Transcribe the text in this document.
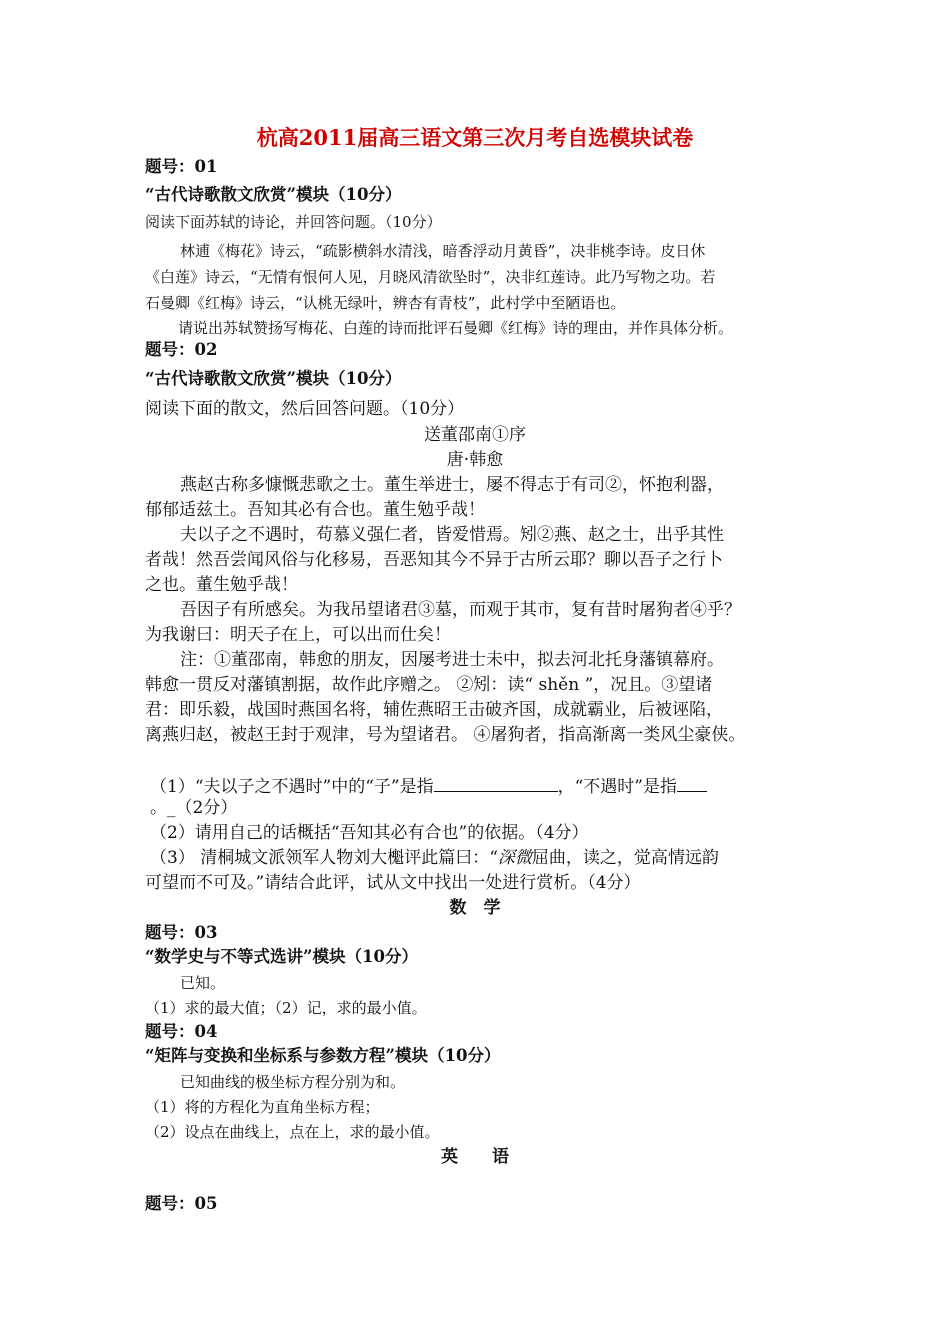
杭高2011届高三语文第三次月考自选模块试卷
题号：01
“古代诗歌散文欣赏”模块（10分）
阅读下面苏轼的诗论，并回答问题。（10分）
林逋《梅花》诗云，“疏影横斜水清浅，暗香浮动月黄昏”，决非桃李诗。皮日休
《白莲》诗云，“无情有恨何人见，月晓风清欲坠时”，决非红莲诗。此乃写物之功。若
石曼卿《红梅》诗云，“认桃无绿叶，辨杏有青枝”，此村学中至陋语也。
请说出苏轼赞扬写梅花、白莲的诗而批评石曼卿《红梅》诗的理由，并作具体分析。
题号：02
“古代诗歌散文欣赏”模块（10分）
阅读下面的散文，然后回答问题。（10分）
送董邵南①序
唐·韩愈
燕赵古称多慷慨悲歌之士。董生举进士，屡不得志于有司②，怀抱利器，
郁郁适兹土。吾知其必有合也。董生勉乎哉！
夫以子之不遇时，苟慕义强仁者，皆爱惜焉。矧②燕、赵之士，出乎其性
者哉！然吾尝闻风俗与化移易，吾恶知其今不异于古所云耶？聊以吾子之行卜
之也。董生勉乎哉！
吾因子有所感矣。为我吊望诸君③墓，而观于其市，复有昔时屠狗者④乎？
为我谢曰：明天子在上，可以出而仕矣！
注：①董邵南，韩愈的朋友，因屡考进士未中，拟去河北托身藩镇幕府。
韩愈一贯反对藩镇割据，故作此序赠之。 ②矧：读“ shěn ”，况且。③望诸
君：即乐毅，战国时燕国名将，辅佐燕昭王击破齐国，成就霸业，后被诬陷，
离燕归赵，被赵王封于观津，号为望诸君。 ④屠狗者，指高渐离一类风尘豪侠。
（1）“夫以子之不遇时”中的“子”是指	，“不遇时”是指
。_（2分）
（2）请用自己的话概括“吾知其必有合也”的依据。（4分）
（3） 清桐城文派领军人物刘大櫆评此篇曰：“深微屈曲，读之，觉高情远韵
可望而不可及。”请结合此评，试从文中找出一处进行赏析。（4分）
数　学
题号：03
“数学史与不等式选讲”模块（10分）
已知。
（1）求的最大值；（2）记，求的最小值。
题号：04
“矩阵与变换和坐标系与参数方程”模块（10分）
已知曲线的极坐标方程分别为和。
（1）将的方程化为直角坐标方程；
（2）设点在曲线上，点在上，求的最小值。
英　　语
题号：05
